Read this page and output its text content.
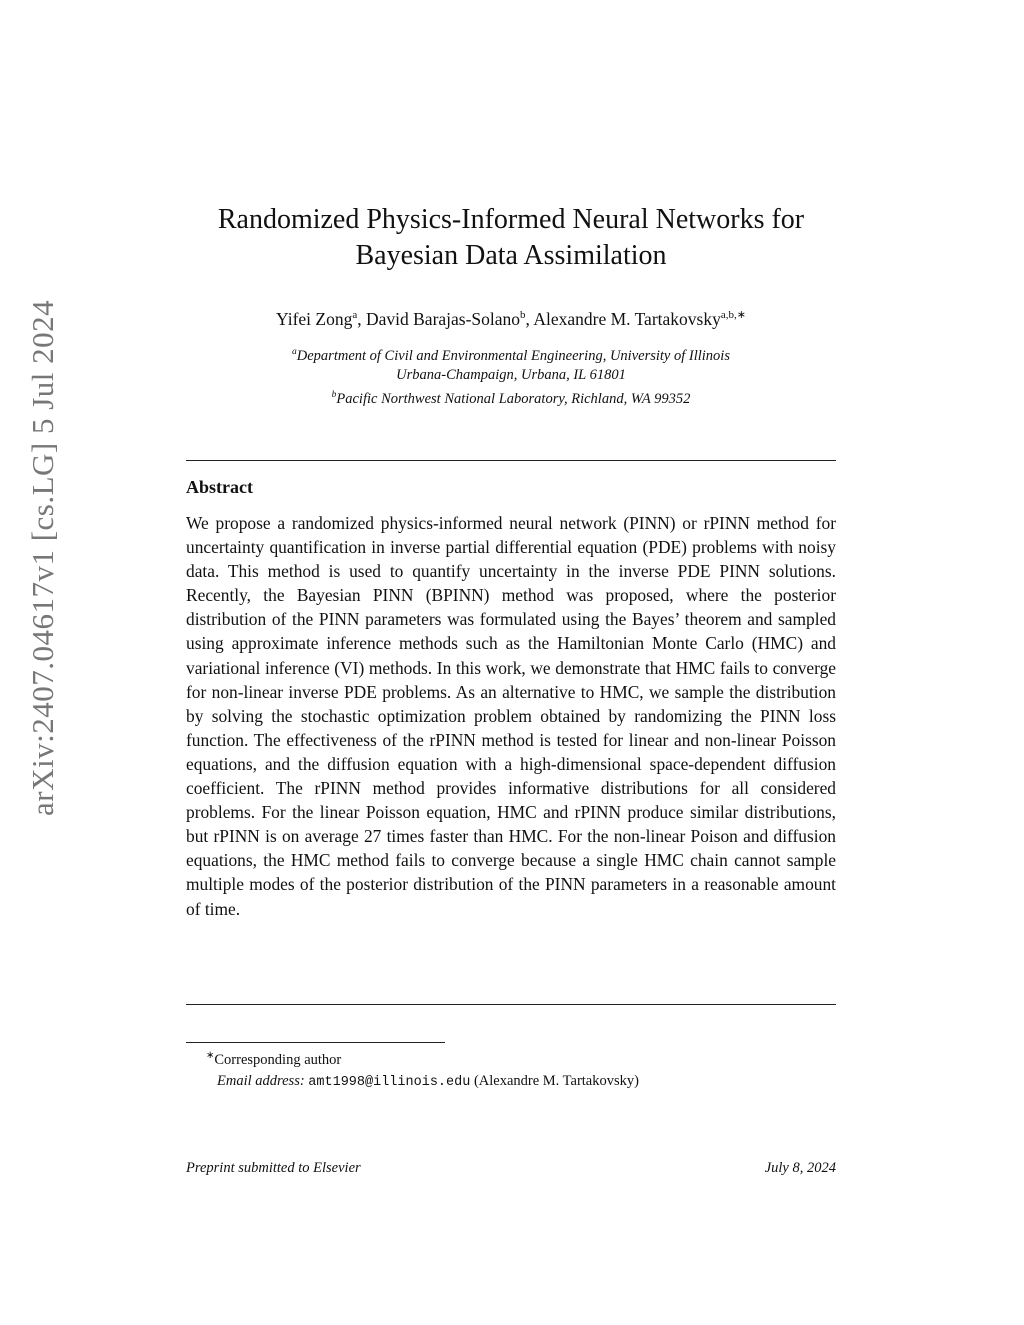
arXiv:2407.04617v1 [cs.LG] 5 Jul 2024
Randomized Physics-Informed Neural Networks for
Bayesian Data Assimilation
Yifei Zong$^a$, David Barajas-Solano$^b$, Alexandre M. Tartakovsky$^{a,b,∗}$
$^a$Department of Civil and Environmental Engineering, University of Illinois
Urbana-Champaign, Urbana, IL 61801
$^b$Pacific Northwest National Laboratory, Richland, WA 99352
Abstract
We propose a randomized physics-informed neural network (PINN) or rPINN method for uncertainty quantification in inverse partial differential equation (PDE) problems with noisy data. This method is used to quantify uncertainty in the inverse PDE PINN solutions. Recently, the Bayesian PINN (BPINN) method was proposed, where the posterior distribution of the PINN parameters was formulated using the Bayes’ theorem and sampled using approximate inference methods such as the Hamiltonian Monte Carlo (HMC) and variational inference (VI) methods. In this work, we demonstrate that HMC fails to converge for non-linear inverse PDE problems. As an alternative to HMC, we sample the distribution by solving the stochastic optimization problem obtained by randomizing the PINN loss function. The effectiveness of the rPINN method is tested for linear and non-linear Poisson equations, and the diffusion equation with a high-dimensional space-dependent diffusion coefficient. The rPINN method provides informative distributions for all considered problems. For the linear Poisson equation, HMC and rPINN produce similar distributions, but rPINN is on average 27 times faster than HMC. For the non-linear Poison and diffusion equations, the HMC method fails to converge because a single HMC chain cannot sample multiple modes of the posterior distribution of the PINN parameters in a reasonable amount of time.
∗Corresponding author
Email address: amt1998@illinois.edu (Alexandre M. Tartakovsky)
Preprint submitted to Elsevier	July 8, 2024
